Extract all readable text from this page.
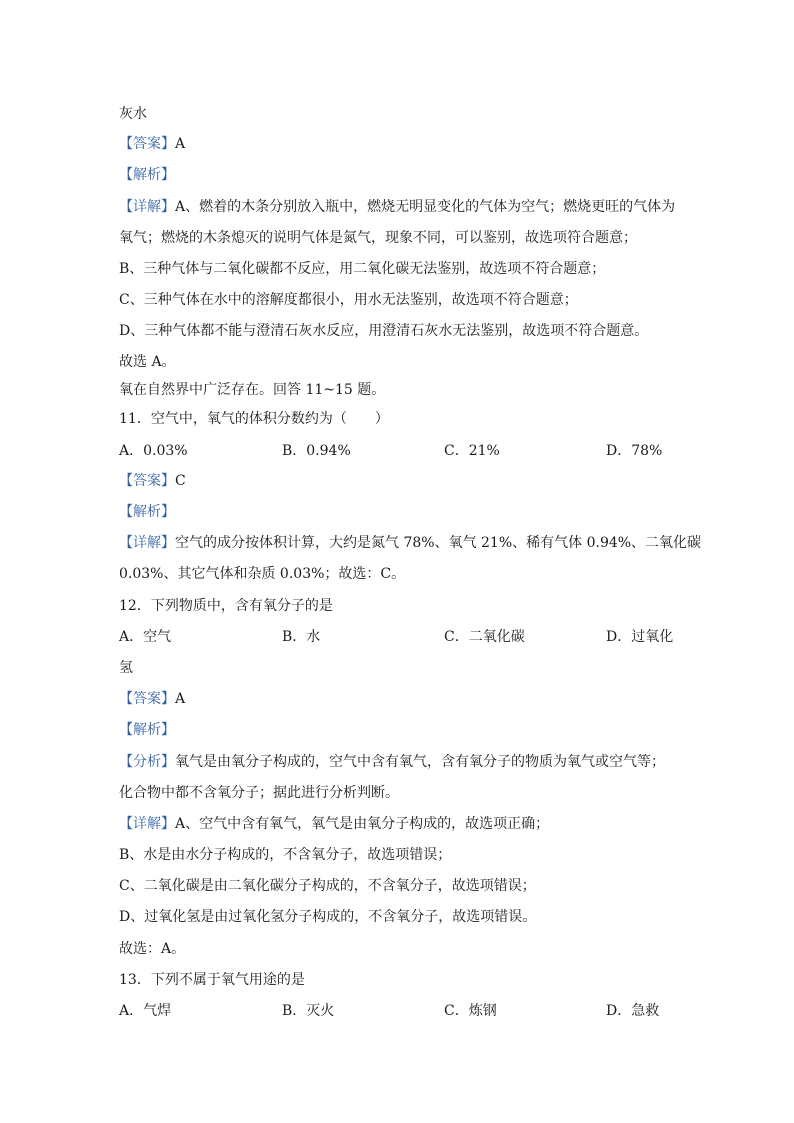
灰水
【答案】A
【解析】
【详解】A、燃着的木条分别放入瓶中，燃烧无明显变化的气体为空气；燃烧更旺的气体为
氧气；燃烧的木条熄灭的说明气体是氮气，现象不同，可以鉴别，故选项符合题意；
B、三种气体与二氧化碳都不反应，用二氧化碳无法鉴别，故选项不符合题意；
C、三种气体在水中的溶解度都很小，用水无法鉴别，故选项不符合题意；
D、三种气体都不能与澄清石灰水反应，用澄清石灰水无法鉴别，故选项不符合题意。
故选 A。
氧在自然界中广泛存在。回答 11~15 题。
11．空气中，氧气的体积分数约为（　　）
A．0.03%	B．0.94%	C．21%	D．78%
【答案】C
【解析】
【详解】空气的成分按体积计算，大约是氮气 78%、氧气 21%、稀有气体 0.94%、二氧化碳
0.03%、其它气体和杂质 0.03%；故选：C。
12．下列物质中，含有氧分子的是
A．空气	B．水	C．二氧化碳	D．过氧化
氢
【答案】A
【解析】
【分析】氧气是由氧分子构成的，空气中含有氧气，含有氧分子的物质为氧气或空气等；
化合物中都不含氧分子；据此进行分析判断。
【详解】A、空气中含有氧气，氧气是由氧分子构成的，故选项正确；
B、水是由水分子构成的，不含氧分子，故选项错误；
C、二氧化碳是由二氧化碳分子构成的，不含氧分子，故选项错误；
D、过氧化氢是由过氧化氢分子构成的，不含氧分子，故选项错误。
故选：A。
13．下列不属于氧气用途的是
A．气焊	B．灭火	C．炼钢	D．急救
